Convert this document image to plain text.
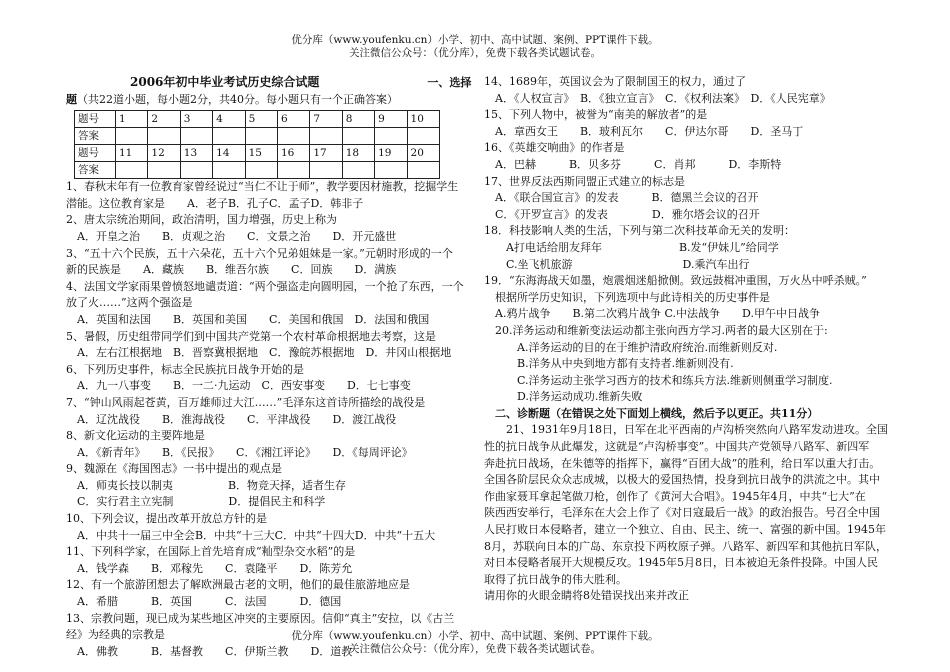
优分库（www.youfenku.cn）小学、初中、高中试题、案例、PPT课件下载。
关注微信公众号：（优分库），免费下载各类试题试卷。

2006年初中毕业考试历史综合试题	一、选择

题（共22道小题，每小题2分，共40分。每小题只有一个正确答案）

题号	1	2	3	4	5	6	7	8	9	10
答案										
题号	11	12	13	14	15	16	17	18	19	20
答案										

1、春秋末年有一位教育家曾经说过“当仁不让于师”，教学要因材施教，挖掘学生

潜能。这位教育家是　　A．老子B．孔子C．孟子D．韩非子

2、唐太宗统治期间，政治清明，国力增强，历史上称为

　A．开皇之治　　B．贞观之治　　C．文景之治　　D．开元盛世

3、“五十六个民族，五十六朵花，五十六个兄弟姐妹是一家。”元朝时形成的一个

新的民族是　　A．藏族　　B．维吾尔族　　C．回族　　D．满族

4、法国文学家雨果曾愤怒地谴责道：“两个强盗走向圆明园，一个抢了东西，一个

放了火……”这两个强盗是

　A．英国和法国　　B．英国和美国　　C．美国和俄国　D．法国和俄国

5、暑假，历史组带同学们到中国共产党第一个农村革命根据地去考察，这是

　A．左右江根据地　B．晋察冀根据地　C．豫皖苏根据地　D．井冈山根据地

6、下列历史事件，标志全民族抗日战争开始的是

　A．九一八事变　　B．一二·九运动　C．西安事变　　D．七七事变

7、“钟山风雨起苍黄，百万雄师过大江……”毛泽东这首诗所描绘的战役是

　A．辽沈战役　　B．淮海战役　　C．平津战役　　D．渡江战役

8、新文化运动的主要阵地是

　A．《新青年》　　B．《民报》　　C．《湘江评论》　　D．《每周评论》

9、魏源在《海国图志》一书中提出的观点是

　A．师夷长技以制夷　　　　　B．物竞天择，适者生存

　C．实行君主立宪制　　　　　D．提倡民主和科学

10、下列会议，提出改革开放总方针的是

　A．中共十一届三中全会B．中共“十三大C．中共“十四大D．中共“十五大

11、下列科学家，在国际上首先培育成“籼型杂交水稻”的是

　A．钱学森　　B．邓稼先　　C．袁隆平　　D．陈芳允

12、有一个旅游团想去了解欧洲最古老的文明，他们的最佳旅游地应是

　A．希腊　　　B．英国　　　C．法国　　　D．德国

13、宗教问题，现已成为某些地区冲突的主要原因。信仰“真主”安拉，以《古兰

经》为经典的宗教是

　A．佛教　　　B．基督教　　C．伊斯兰教　　D．道教

14、1689年，英国议会为了限制国王的权力，通过了

　A．《人权宣言》　B．《独立宣言》　C．《权利法案》　D．《人民宪章》

15、下列人物中，被誉为“南美的解放者”的是

　A．章西女王　　B．玻利瓦尔　　C．伊达尔哥　　D．圣马丁

16、《英雄交响曲》的作者是

　A．巴赫　　　B．贝多芬　　　C．肖邦　　　D．李斯特

17、世界反法西斯同盟正式建立的标志是

　A．《联合国宣言》的发表　　　B．德黑兰会议的召开

　C．《开罗宣言》的发表　　　　D．雅尔塔会议的召开

18．科技影响人类的生活，下列与第二次科技革命无关的发明：

　　A打电话给朋友拜年　　　　　　　B.发“伊妹儿”给同学

　　C.坐飞机旅游　　　　　　　　　　D.乘汽车出行

19．“东海海战天如墨，炮震烟迷船掀侧。致远鼓楫冲重围，万火丛中呼杀贼。”

　根据所学历史知识，下列选项中与此诗相关的历史事件是

　A.鸦片战争　　B.第二次鸦片战争 C.中法战争　　D.甲午中日战争

　20.洋务运动和维新变法运动都主张向西方学习.两者的最大区别在于:

　　　A.洋务运动的目的在于维护清政府统治.而维新则反对.

　　　B.洋务从中央到地方都有支持者.维新则没有.

　　　C.洋务运动主张学习西方的技术和练兵方法.维新则侧重学习制度.

　　　D.洋务运动成功.维新失败

　二、诊断题（在错误之处下面划上横线，然后予以更正。共11分）

　　21、1931年9月18日，日军在北平西南的卢沟桥突然向八路军发动进攻。全国

性的抗日战争从此爆发，这就是“卢沟桥事变”。中国共产党领导八路军、新四军

奔赴抗日战场，在朱德等的指挥下，赢得“百团大战”的胜利，给日军以重大打击。

全国各阶层民众众志成城，以极大的爱国热情，投身到抗日战争的洪流之中。其中

作曲家聂耳拿起笔做刀枪，创作了《黄河大合唱》。1945年4月，中共“七大”在

陕西西安举行，毛泽东在大会上作了《对日寇最后一战》的政治报告。号召全中国

人民打败日本侵略者，建立一个独立、自由、民主、统一、富强的新中国。1945年

8月，苏联向日本的广岛、东京投下两枚原子弹。八路军、新四军和其他抗日军队，

对日本侵略者展开大规模反攻。1945年5月8日，日本被迫无条件投降。中国人民

取得了抗日战争的伟大胜利。

请用你的火眼金睛将8处错误找出来并改正

优分库（www.youfenku.cn）小学、初中、高中试题、案例、PPT课件下载。
关注微信公众号：（优分库），免费下载各类试题试卷。
